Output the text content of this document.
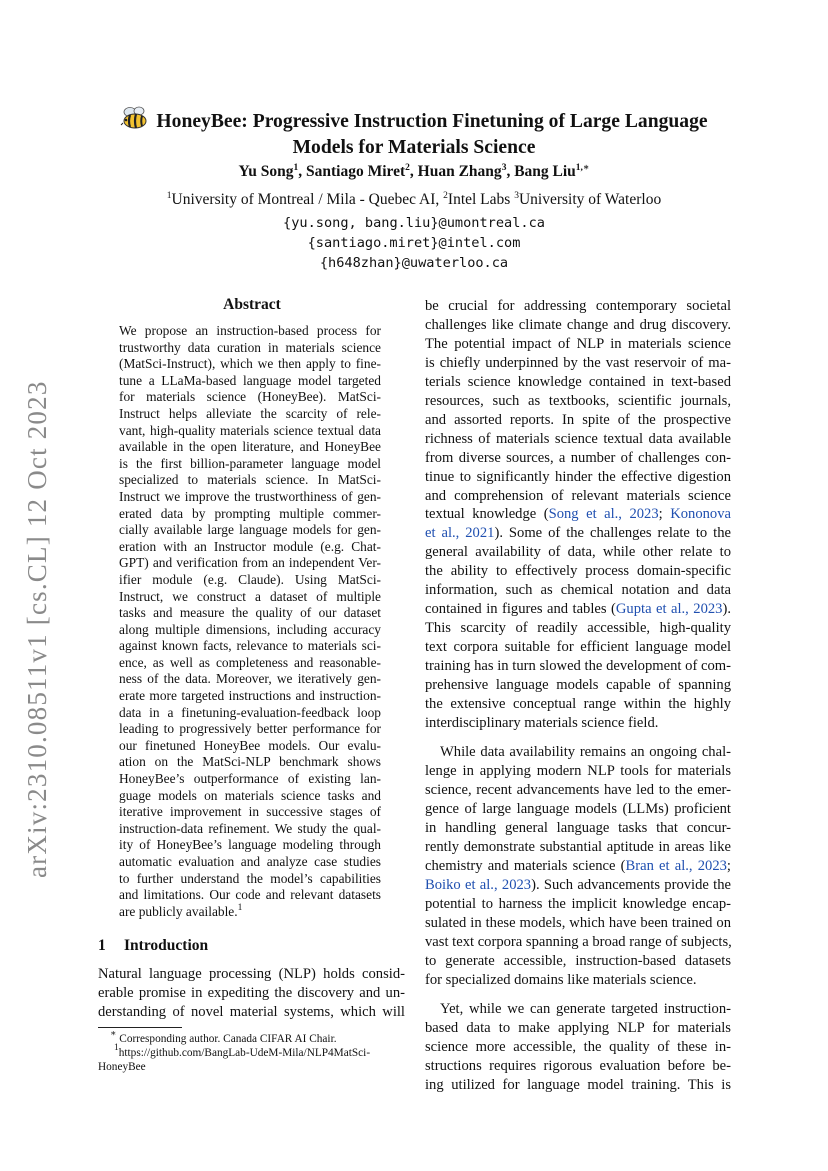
arXiv:2310.08511v1 [cs.CL] 12 Oct 2023
HoneyBee: Progressive Instruction Finetuning of Large Language
Models for Materials Science
Yu Song$^1$, Santiago Miret$^2$, Huan Zhang$^3$, Bang Liu$^{1,∗}$
$^1$University of Montreal / Mila - Quebec AI, $^2$Intel Labs $^3$University of Waterloo
{yu.song, bang.liu}@umontreal.ca
{santiago.miret}@intel.com
{h648zhan}@uwaterloo.ca
Abstract
We propose an instruction-based process for
trustworthy data curation in materials science
(MatSci-Instruct), which we then apply to fine-
tune a LLaMa-based language model targeted
for materials science (HoneyBee). MatSci-
Instruct helps alleviate the scarcity of rele-
vant, high-quality materials science textual data
available in the open literature, and HoneyBee
is the first billion-parameter language model
specialized to materials science. In MatSci-
Instruct we improve the trustworthiness of gen-
erated data by prompting multiple commer-
cially available large language models for gen-
eration with an Instructor module (e.g. Chat-
GPT) and verification from an independent Ver-
ifier module (e.g. Claude). Using MatSci-
Instruct, we construct a dataset of multiple
tasks and measure the quality of our dataset
along multiple dimensions, including accuracy
against known facts, relevance to materials sci-
ence, as well as completeness and reasonable-
ness of the data. Moreover, we iteratively gen-
erate more targeted instructions and instruction-
data in a finetuning-evaluation-feedback loop
leading to progressively better performance for
our finetuned HoneyBee models. Our evalu-
ation on the MatSci-NLP benchmark shows
HoneyBee’s outperformance of existing lan-
guage models on materials science tasks and
iterative improvement in successive stages of
instruction-data refinement. We study the qual-
ity of HoneyBee’s language modeling through
automatic evaluation and analyze case studies
to further understand the model’s capabilities
and limitations. Our code and relevant datasets
are publicly available.$^1$
1 Introduction
Natural language processing (NLP) holds consid-
erable promise in expediting the discovery and un-
derstanding of novel material systems, which will
∗ Corresponding author. Canada CIFAR AI Chair.
$^1$https://github.com/BangLab-UdeM-Mila/NLP4MatSci-
HoneyBee
be crucial for addressing contemporary societal
challenges like climate change and drug discovery.
The potential impact of NLP in materials science
is chiefly underpinned by the vast reservoir of ma-
terials science knowledge contained in text-based
resources, such as textbooks, scientific journals,
and assorted reports. In spite of the prospective
richness of materials science textual data available
from diverse sources, a number of challenges con-
tinue to significantly hinder the effective digestion
and comprehension of relevant materials science
textual knowledge (Song et al., 2023; Kononova
et al., 2021). Some of the challenges relate to the
general availability of data, while other relate to
the ability to effectively process domain-specific
information, such as chemical notation and data
contained in figures and tables (Gupta et al., 2023).
This scarcity of readily accessible, high-quality
text corpora suitable for efficient language model
training has in turn slowed the development of com-
prehensive language models capable of spanning
the extensive conceptual range within the highly
interdisciplinary materials science field.
While data availability remains an ongoing chal-
lenge in applying modern NLP tools for materials
science, recent advancements have led to the emer-
gence of large language models (LLMs) proficient
in handling general language tasks that concur-
rently demonstrate substantial aptitude in areas like
chemistry and materials science (Bran et al., 2023;
Boiko et al., 2023). Such advancements provide the
potential to harness the implicit knowledge encap-
sulated in these models, which have been trained on
vast text corpora spanning a broad range of subjects,
to generate accessible, instruction-based datasets
for specialized domains like materials science.
Yet, while we can generate targeted instruction-
based data to make applying NLP for materials
science more accessible, the quality of these in-
structions requires rigorous evaluation before be-
ing utilized for language model training. This is
